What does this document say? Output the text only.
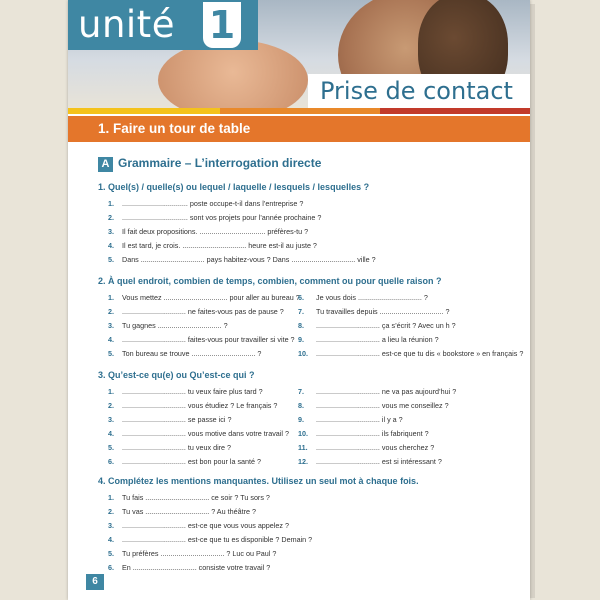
unité 1
Prise de contact
1. Faire un tour de table
A Grammaire – L’interrogation directe
1. Quel(s) / quelle(s) ou lequel / laquelle / lesquels / lesquelles ?
1. ................................. poste occupe-t-il dans l’entreprise ?
2. ................................. sont vos projets pour l’année prochaine ?
3. Il fait deux propositions. ................................. préfères-tu ?
4. Il est tard, je crois. ................................ heure est-il au juste ?
5. Dans ................................ pays habitez-vous ? Dans ................................ ville ?
2. À quel endroit, combien de temps, combien, comment ou pour quelle raison ?
1. Vous mettez ................................ pour aller au bureau ?
2. ................................ ne faites-vous pas de pause ?
3. Tu gagnes ................................ ?
4. ................................ faites-vous pour travailler si vite ?
5. Ton bureau se trouve ................................ ?
6. Je vous dois ................................ ?
7. Tu travailles depuis ................................ ?
8. ................................ ça s’écrit ? Avec un h ?
9. ................................ a lieu la réunion ?
10. ................................ est-ce que tu dis « bookstore » en français ?
3. Qu’est-ce qu(e) ou Qu’est-ce qui ?
1. ................................ tu veux faire plus tard ?
2. ................................ vous étudiez ? Le français ?
3. ................................ se passe ici ?
4. ................................ vous motive dans votre travail ?
5. ................................ tu veux dire ?
6. ................................ est bon pour la santé ?
7. ................................ ne va pas aujourd’hui ?
8. ................................ vous me conseillez ?
9. ................................ il y a ?
10. ................................ ils fabriquent ?
11. ................................ vous cherchez ?
12. ................................ est si intéressant ?
4. Complétez les mentions manquantes. Utilisez un seul mot à chaque fois.
1. Tu fais ................................ ce soir ? Tu sors ?
2. Tu vas ................................ ? Au théâtre ?
3. ................................ est-ce que vous vous appelez ?
4. ................................ est-ce que tu es disponible ? Demain ?
5. Tu préfères ................................ ? Luc ou Paul ?
6. En ................................ consiste votre travail ?
6
